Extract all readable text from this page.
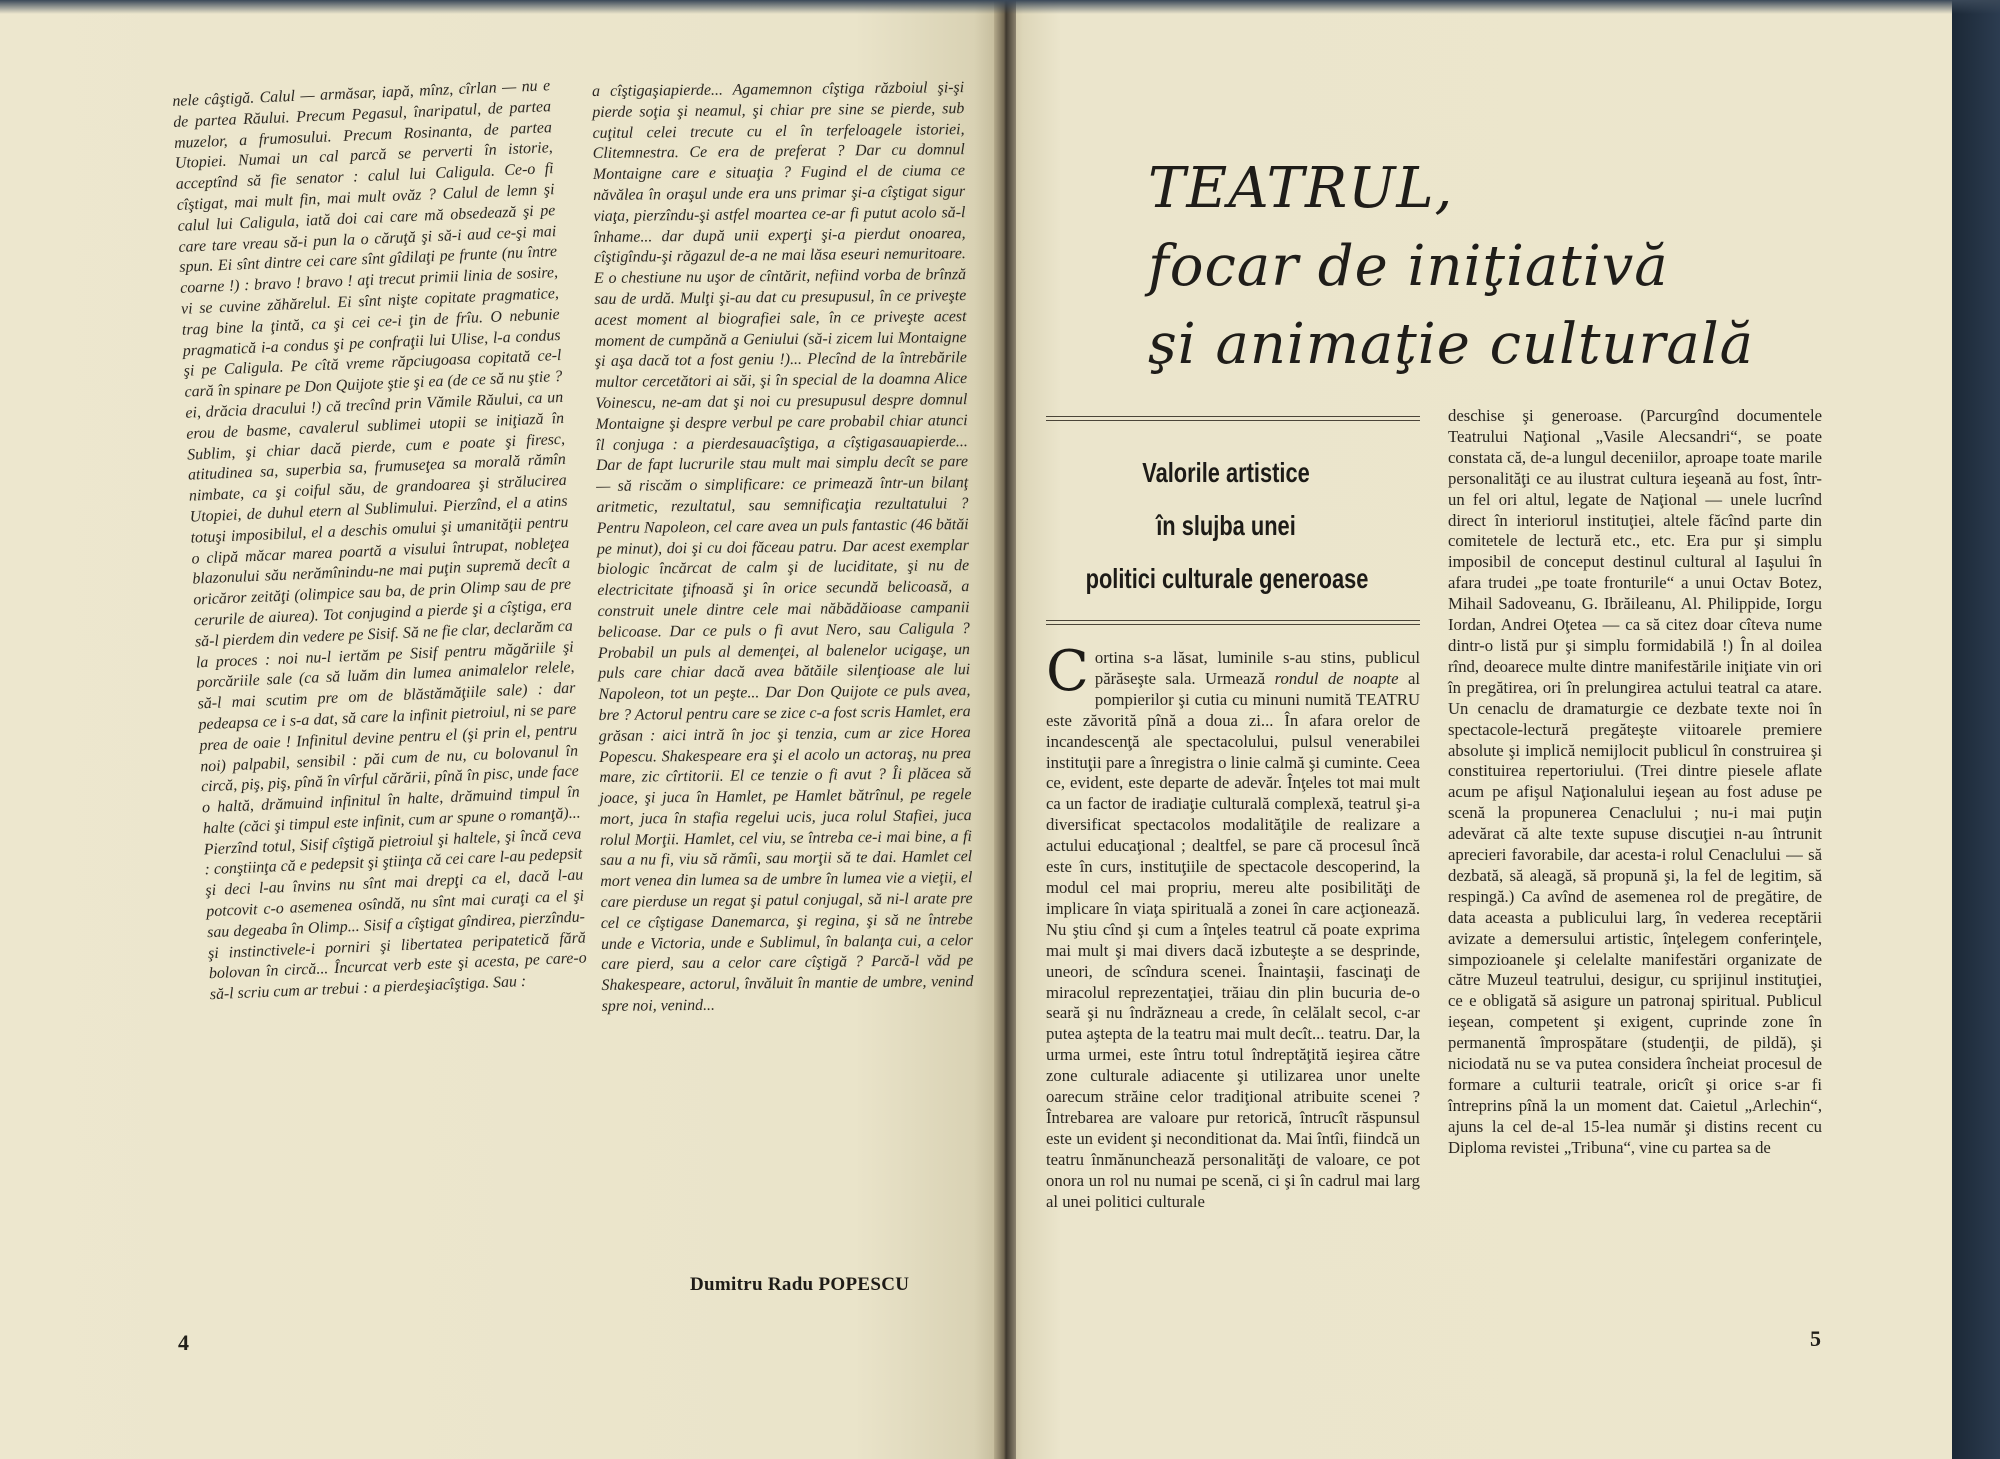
nele câştigă. Calul — armăsar, iapă, mînz, cîrlan — nu e de partea Răului. Precum Pegasul, înaripatul, de partea muzelor, a frumosului. Precum Rosinanta, de partea Utopiei. Numai un cal parcă se perverti în istorie, acceptînd să fie senator : calul lui Caligula. Ce-o fi cîştigat, mai mult fin, mai mult ovăz ? Calul de lemn şi calul lui Caligula, iată doi cai care mă obsedează şi pe care tare vreau să-i pun la o căruţă şi să-i aud ce-şi mai spun. Ei sînt dintre cei care sînt gîdilaţi pe frunte (nu între coarne !) : bravo ! bravo ! aţi trecut primii linia de sosire, vi se cuvine zăhărelul. Ei sînt nişte copitate pragmatice, trag bine la ţintă, ca şi cei ce-i ţin de frîu. O nebunie pragmatică i-a condus şi pe confraţii lui Ulise, l-a condus şi pe Caligula. Pe cîtă vreme răpciugoasa copitată ce-l cară în spinare pe Don Quijote ştie şi ea (de ce să nu ştie ? ei, drăcia dracului !) că trecînd prin Vămile Răului, ca un erou de basme, cavalerul sublimei utopii se iniţiază în Sublim, şi chiar dacă pierde, cum e poate şi firesc, atitudinea sa, superbia sa, frumuseţea sa morală rămîn nimbate, ca şi coiful său, de grandoarea şi strălucirea Utopiei, de duhul etern al Sublimului. Pierzînd, el a atins totuşi imposibilul, el a deschis omului şi umanităţii pentru o clipă măcar marea poartă a visului întrupat, nobleţea blazonului său nerămînindu-ne mai puţin supremă decît a oricăror zeităţi (olimpice sau ba, de prin Olimp sau de pre cerurile de aiurea). Tot conjugind a pierde şi a cîştiga, era să-l pierdem din vedere pe Sisif. Să ne fie clar, declarăm ca la proces : noi nu-l iertăm pe Sisif pentru măgăriile şi porcăriile sale (ca să luăm din lumea animalelor relele, să-l mai scutim pre om de blăstămăţiile sale) : dar pedeapsa ce i s-a dat, să care la infinit pietroiul, ni se pare prea de oaie ! Infinitul devine pentru el (şi prin el, pentru noi) palpabil, sensibil : păi cum de nu, cu bolovanul în circă, piş, piş, pînă în vîrful cărării, pînă în pisc, unde face o haltă, drămuind infinitul în halte, drămuind timpul în halte (căci şi timpul este infinit, cum ar spune o romanţă)... Pierzînd totul, Sisif cîştigă pietroiul şi haltele, şi încă ceva : conştiinţa că e pedepsit şi ştiinţa că cei care l-au pedepsit şi deci l-au învins nu sînt mai drepţi ca el, dacă l-au potcovit c-o asemenea osîndă, nu sînt mai curaţi ca el şi sau degeaba în Olimp... Sisif a cîştigat gîndirea, pierzîndu-şi instinctivele-i porniri şi libertatea peripatetică fără bolovan în circă... Încurcat verb este şi acesta, pe care-o să-l scriu cum ar trebui : a pierdeşiacîştiga. Sau :

a cîştigaşiapierde... Agamemnon cîştiga războiul şi-şi pierde soţia şi neamul, şi chiar pre sine se pierde, sub cuţitul celei trecute cu el în terfeloagele istoriei, Clitemnestra. Ce era de preferat ? Dar cu domnul Montaigne care e situaţia ? Fugind el de ciuma ce năvălea în oraşul unde era uns primar şi-a cîştigat sigur viaţa, pierzîndu-şi astfel moartea ce-ar fi putut acolo să-l înhame... dar după unii experţi şi-a pierdut onoarea, cîştigîndu-şi răgazul de-a ne mai lăsa eseuri nemuritoare. E o chestiune nu uşor de cîntărit, nefiind vorba de brînză sau de urdă. Mulţi şi-au dat cu presupusul, în ce priveşte acest moment al biografiei sale, în ce priveşte acest moment de cumpănă a Geniului (să-i zicem lui Montaigne şi aşa dacă tot a fost geniu !)... Plecînd de la întrebările multor cercetători ai săi, şi în special de la doamna Alice Voinescu, ne-am dat şi noi cu presupusul despre domnul Montaigne şi despre verbul pe care probabil chiar atunci îl conjuga : a pierdesauacîştiga, a cîştigasauapierde... Dar de fapt lucrurile stau mult mai simplu decît se pare — să riscăm o simplificare: ce primează într-un bilanţ aritmetic, rezultatul, sau semnificaţia rezultatului ? Pentru Napoleon, cel care avea un puls fantastic (46 bătăi pe minut), doi şi cu doi făceau patru. Dar acest exemplar biologic încărcat de calm şi de luciditate, şi nu de electricitate ţifnoasă şi în orice secundă belicoasă, a construit unele dintre cele mai năbădăioase campanii belicoase. Dar ce puls o fi avut Nero, sau Caligula ? Probabil un puls al demenţei, al balenelor ucigaşe, un puls care chiar dacă avea bătăile silenţioase ale lui Napoleon, tot un peşte... Dar Don Quijote ce puls avea, bre ? Actorul pentru care se zice c-a fost scris Hamlet, era grăsan : aici intră în joc şi tenzia, cum ar zice Horea Popescu. Shakespeare era şi el acolo un actoraş, nu prea mare, zic cîrtitorii. El ce tenzie o fi avut ? Îi plăcea să joace, şi juca în Hamlet, pe Hamlet bătrînul, pe regele mort, juca în stafia regelui ucis, juca rolul Stafiei, juca rolul Morţii. Hamlet, cel viu, se întreba ce-i mai bine, a fi sau a nu fi, viu să rămîi, sau morţii să te dai. Hamlet cel mort venea din lumea sa de umbre în lumea vie a vieţii, el care pierduse un regat şi patul conjugal, să ni-l arate pre cel ce cîştigase Danemarca, şi regina, şi să ne întrebe unde e Victoria, unde e Sublimul, în balanţa cui, a celor care pierd, sau a celor care cîştigă ? Parcă-l văd pe Shakespeare, actorul, învăluit în mantie de umbre, venind spre noi, venind...

Dumitru Radu POPESCU
4
TEATRUL,
focar de iniţiativă
şi animaţie culturală
Valorile artistice
în slujba unei
politici culturale generoase

Cortina s-a lăsat, luminile s-au stins, publicul părăseşte sala. Urmează rondul de noapte al pompierilor şi cutia cu minuni numită TEATRU este zăvorită pînă a doua zi... În afara orelor de incandescenţă ale spectacolului, pulsul venerabilei instituţii pare a înregistra o linie calmă şi cuminte. Ceea ce, evident, este departe de adevăr. Înţeles tot mai mult ca un factor de iradiaţie culturală complexă, teatrul şi-a diversificat spectacolos modalităţile de realizare a actului educaţional ; dealtfel, se pare că procesul încă este în curs, instituţiile de spectacole descoperind, la modul cel mai propriu, mereu alte posibilităţi de implicare în viaţa spirituală a zonei în care acţionează. Nu ştiu cînd şi cum a înţeles teatrul că poate exprima mai mult şi mai divers dacă izbuteşte a se desprinde, uneori, de scîndura scenei. Înaintaşii, fascinaţi de miracolul reprezentaţiei, trăiau din plin bucuria de-o seară şi nu îndrăzneau a crede, în celălalt secol, c-ar putea aştepta de la teatru mai mult decît... teatru. Dar, la urma urmei, este întru totul îndreptăţită ieşirea către zone culturale adiacente şi utilizarea unor unelte oarecum străine celor tradiţional atribuite scenei ? Întrebarea are valoare pur retorică, întrucît răspunsul este un evident şi neconditionat da. Mai întîi, fiindcă un teatru înmănunchează personalităţi de valoare, ce pot onora un rol nu numai pe scenă, ci şi în cadrul mai larg al unei politici culturale

deschise şi generoase. (Parcurgînd documentele Teatrului Naţional „Vasile Alecsandri“, se poate constata că, de-a lungul deceniilor, aproape toate marile personalităţi ce au ilustrat cultura ieşeană au fost, într-un fel ori altul, legate de Naţional — unele lucrînd direct în interiorul instituţiei, altele făcînd parte din comitetele de lectură etc., etc. Era pur şi simplu imposibil de conceput destinul cultural al Iaşului în afara trudei „pe toate fronturile“ a unui Octav Botez, Mihail Sadoveanu, G. Ibrăileanu, Al. Philippide, Iorgu Iordan, Andrei Oţetea — ca să citez doar cîteva nume dintr-o listă pur şi simplu formidabilă !) În al doilea rînd, deoarece multe dintre manifestările iniţiate vin ori în pregătirea, ori în prelungirea actului teatral ca atare. Un cenaclu de dramaturgie ce dezbate texte noi în spectacole-lectură pregăteşte viitoarele premiere absolute şi implică nemijlocit publicul în construirea şi constituirea repertoriului. (Trei dintre piesele aflate acum pe afişul Naţionalului ieşean au fost aduse pe scenă la propunerea Cenaclului ; nu-i mai puţin adevărat că alte texte supuse discuţiei n-au întrunit aprecieri favorabile, dar acesta-i rolul Cenaclului — să dezbată, să aleagă, să propună şi, la fel de legitim, să respingă.) Ca avînd de asemenea rol de pregătire, de data aceasta a publicului larg, în vederea receptării avizate a demersului artistic, înţelegem conferinţele, simpozioanele şi celelalte manifestări organizate de către Muzeul teatrului, desigur, cu sprijinul instituţiei, ce e obligată să asigure un patronaj spiritual. Publicul ieşean, competent şi exigent, cuprinde zone în permanentă împrospătare (studenţii, de pildă), şi niciodată nu se va putea considera încheiat procesul de formare a culturii teatrale, oricît şi orice s-ar fi întreprins pînă la un moment dat. Caietul „Arlechin“, ajuns la cel de-al 15-lea număr şi distins recent cu Diploma revistei „Tribuna“, vine cu partea sa de

5
